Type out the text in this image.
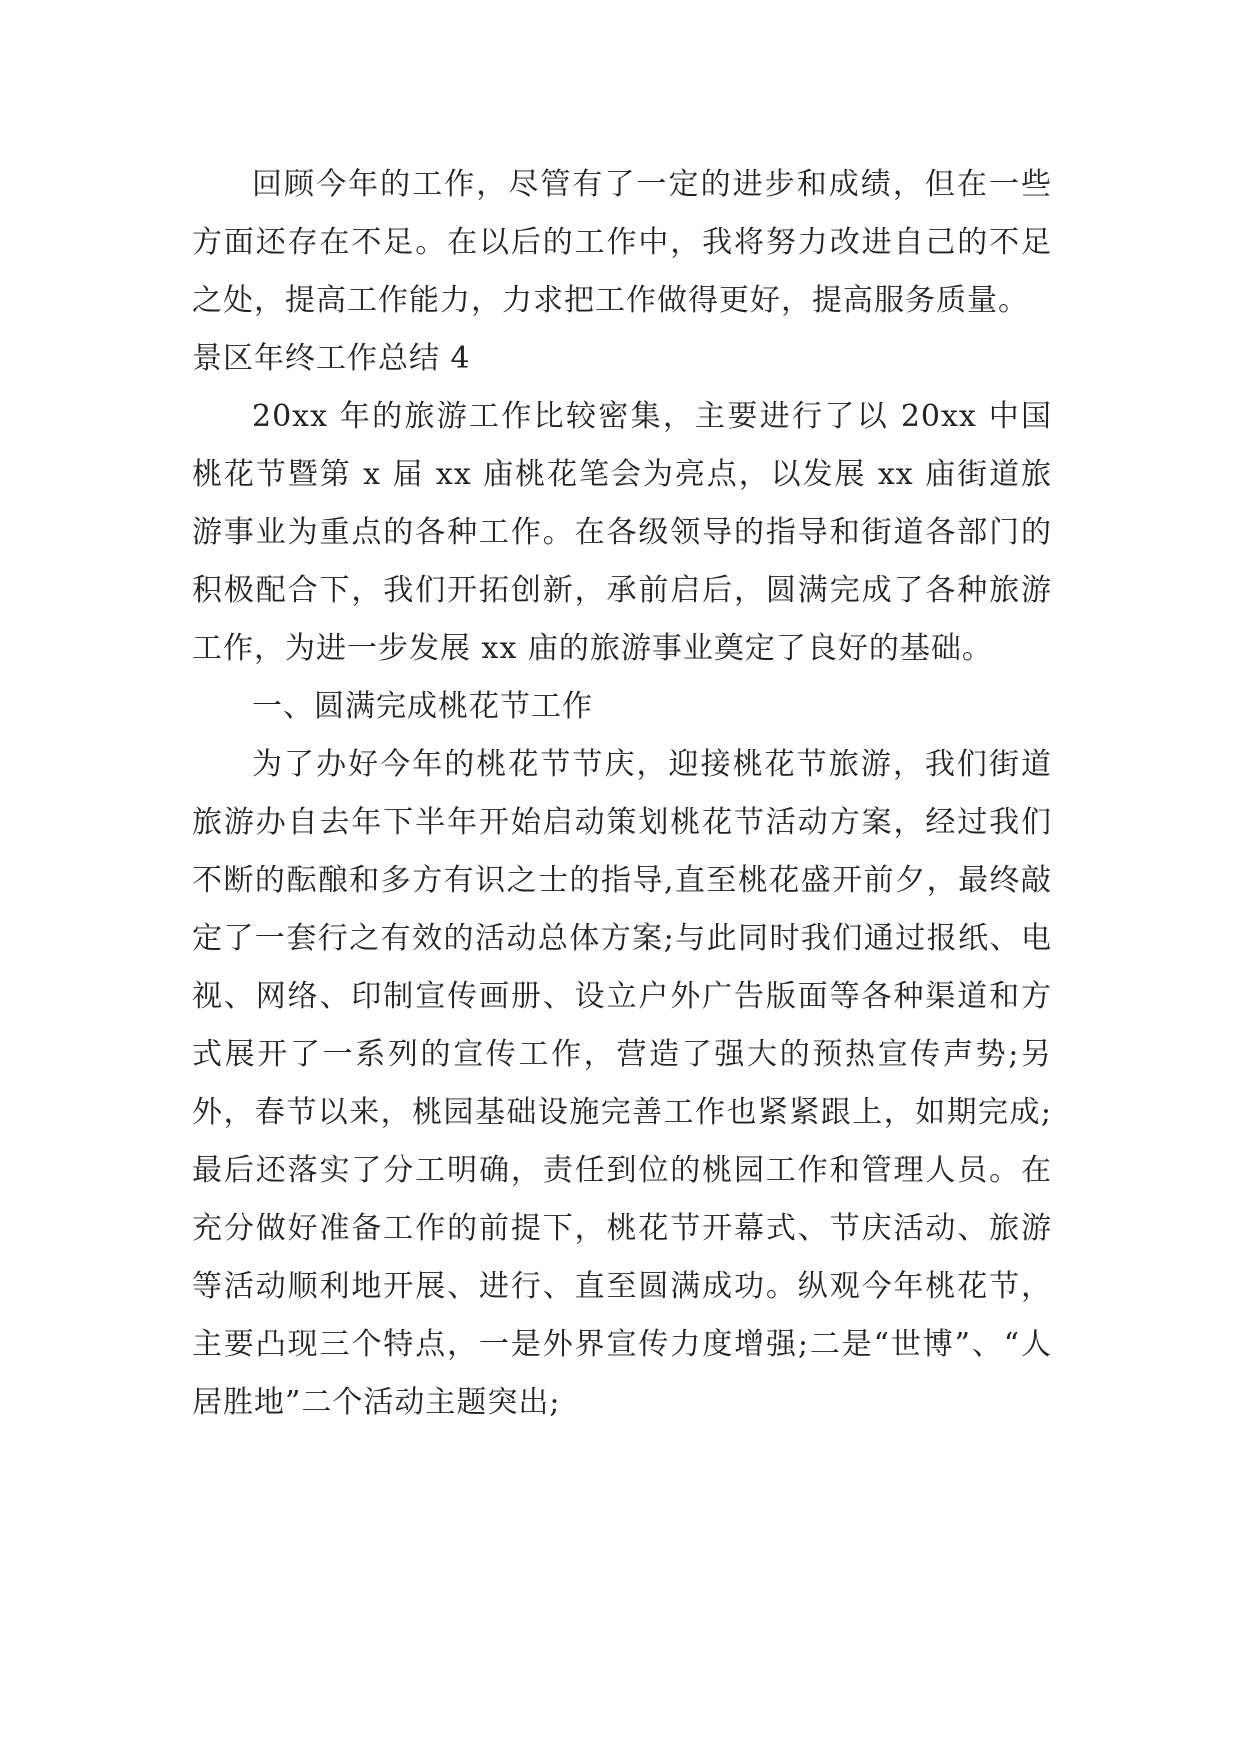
回顾今年的工作，尽管有了一定的进步和成绩，但在一些方面还存在不足。在以后的工作中，我将努力改进自己的不足之处，提高工作能力，力求把工作做得更好，提高服务质量。

景区年终工作总结 4

20xx 年的旅游工作比较密集，主要进行了以 20xx 中国桃花节暨第 x 届 xx 庙桃花笔会为亮点，以发展 xx 庙街道旅游事业为重点的各种工作。在各级领导的指导和街道各部门的积极配合下，我们开拓创新，承前启后，圆满完成了各种旅游工作，为进一步发展 xx 庙的旅游事业奠定了良好的基础。

一、圆满完成桃花节工作

为了办好今年的桃花节节庆，迎接桃花节旅游，我们街道旅游办自去年下半年开始启动策划桃花节活动方案，经过我们不断的酝酿和多方有识之士的指导,直至桃花盛开前夕，最终敲定了一套行之有效的活动总体方案;与此同时我们通过报纸、电视、网络、印制宣传画册、设立户外广告版面等各种渠道和方式展开了一系列的宣传工作，营造了强大的预热宣传声势;另外，春节以来，桃园基础设施完善工作也紧紧跟上，如期完成;最后还落实了分工明确，责任到位的桃园工作和管理人员。在充分做好准备工作的前提下，桃花节开幕式、节庆活动、旅游等活动顺利地开展、进行、直至圆满成功。纵观今年桃花节，主要凸现三个特点，一是外界宣传力度增强;二是“世博”、“人居胜地”二个活动主题突出;
